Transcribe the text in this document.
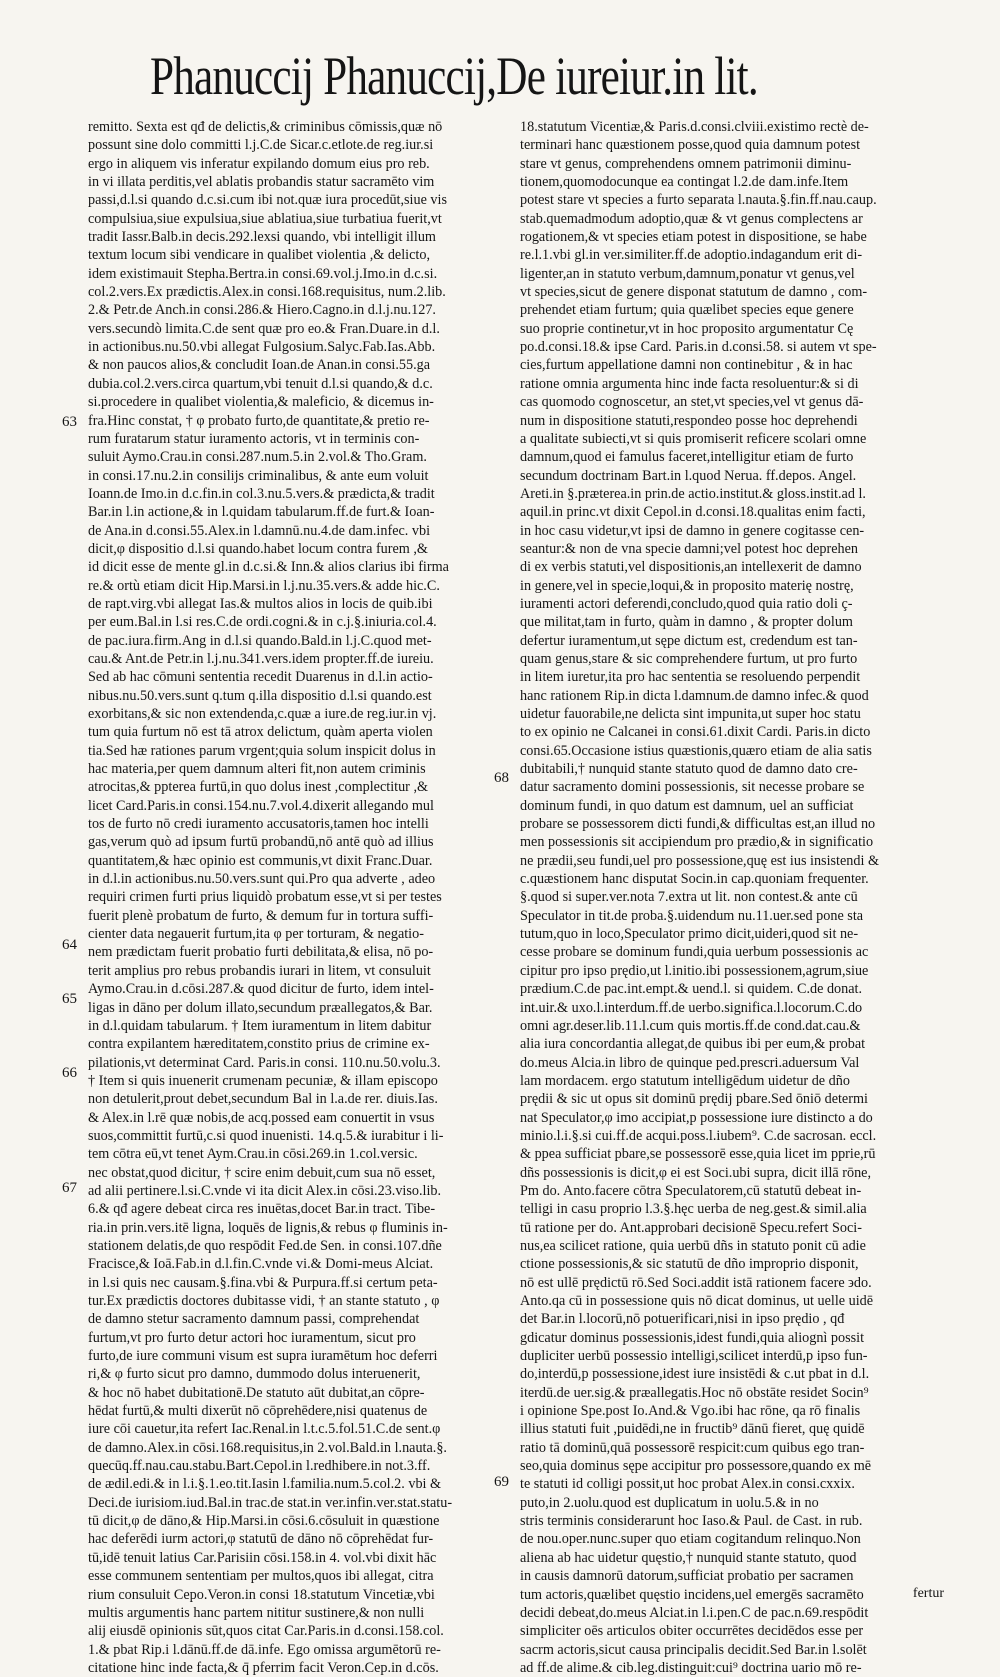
Phanuccij Phanuccij,De iureiur.in lit.
remitto. Sexta est qđ de delictis,& criminibus cōmissis,quæ nō
possunt sine dolo committi l.j.C.de Sicar.c.etlote.de reg.iur.si
ergo in aliquem vis inferatur expilando domum eius pro reb.
in vi illata perditis,vel ablatis probandis statur sacramēto vim
passi,d.l.si quando d.c.si.cum ibi not.quæ iura procedūt,siue vis
compulsiua,siue expulsiua,siue ablatiua,siue turbatiua fuerit,vt
tradit Iassr.Balb.in decis.292.lexsi quando, vbi intelligit illum
textum locum sibi vendicare in qualibet violentia ,& delicto,
idem existimauit Stepha.Bertra.in consi.69.vol.j.Imo.in d.c.si.
col.2.vers.Ex prædictis.Alex.in consi.168.requisitus, num.2.lib.
2.& Petr.de Anch.in consi.286.& Hiero.Cagno.in d.l.j.nu.127.
vers.secundò limita.C.de sent quæ pro eo.& Fran.Duare.in d.l.
in actionibus.nu.50.vbi allegat Fulgosium.Salyc.Fab.Ias.Abb.
& non paucos alios,& concludit Ioan.de Anan.in consi.55.ga
dubia.col.2.vers.circa quartum,vbi tenuit d.l.si quando,& d.c.
si.procedere in qualibet violentia,& maleficio, & dicemus in-
fra.Hinc constat, † φ probato furto,de quantitate,& pretio re-
rum furatarum statur iuramento actoris, vt in terminis con-
suluit Aymo.Crau.in consi.287.num.5.in 2.vol.& Tho.Gram.
in consi.17.nu.2.in consilijs criminalibus, & ante eum voluit
Ioann.de Imo.in d.c.fin.in col.3.nu.5.vers.& prædicta,& tradit
Bar.in l.in actione,& in l.quidam tabularum.ff.de furt.& Ioan-
de Ana.in d.consi.55.Alex.in l.damnū.nu.4.de dam.infec. vbi
dicit,φ dispositio d.l.si quando.habet locum contra furem ,&
id dicit esse de mente gl.in d.c.si.& Inn.& alios clarius ibi firma
re.& ortù etiam dicit Hip.Marsi.in l.j.nu.35.vers.& adde hic.C.
de rapt.virg.vbi allegat Ias.& multos alios in locis de quib.ibi
per eum.Bal.in l.si res.C.de ordi.cogni.& in c.j.§.iniuria.col.4.
de pac.iura.firm.Ang in d.l.si quando.Bald.in l.j.C.quod met-
cau.& Ant.de Petr.in l.j.nu.341.vers.idem propter.ff.de iureiu.
Sed ab hac cōmuni sententia recedit Duarenus in d.l.in actio-
nibus.nu.50.vers.sunt q.tum q.illa dispositio d.l.si quando.est
exorbitans,& sic non extendenda,c.quæ a iure.de reg.iur.in vj.
tum quia furtum nō est tā atrox delictum, quàm aperta violen
tia.Sed hæ rationes parum vrgent;quia solum inspicit dolus in
hac materia,per quem damnum alteri fit,non autem criminis
atrocitas,& ppterea furtū,in quo dolus inest ,complectitur ,&
licet Card.Paris.in consi.154.nu.7.vol.4.dixerit allegando mul
tos de furto nō credi iuramento accusatoris,tamen hoc intelli
gas,verum quò ad ipsum furtū probandū,nō antē quò ad illius
quantitatem,& hæc opinio est communis,vt dixit Franc.Duar.
in d.l.in actionibus.nu.50.vers.sunt qui.Pro qua adverte , adeo
requiri crimen furti prius liquidò probatum esse,vt si per testes
fuerit plenè probatum de furto, & demum fur in tortura suffi-
cienter data negauerit furtum,ita φ per torturam, & negatio-
nem prædictam fuerit probatio furti debilitata,& elisa, nō po-
terit amplius pro rebus probandis iurari in litem, vt consuluit
Aymo.Crau.in d.cōsi.287.& quod dicitur de furto, idem intel-
ligas in dāno per dolum illato,secundum præallegatos,& Bar.
in d.l.quidam tabularum. † Item iuramentum in litem dabitur
contra expilantem hæreditatem,constito prius de crimine ex-
pilationis,vt determinat Card. Paris.in consi. 110.nu.50.volu.3.
† Item si quis inuenerit crumenam pecuniæ, & illam episcopo
non detulerit,prout debet,secundum Bal in l.a.de rer. diuis.Ias.
& Alex.in l.rē quæ nobis,de acq.possed eam conuertit in vsus
suos,committit furtū,c.si quod inuenisti. 14.q.5.& iurabitur i li-
tem cōtra eū,vt tenet Aym.Crau.in cōsi.269.in 1.col.versic.
nec obstat,quod dicitur, † scire enim debuit,cum sua nō esset,
ad alii pertinere.l.si.C.vnde vi ita dicit Alex.in cōsi.23.viso.lib.
6.& qđ agere debeat circa res inuētas,docet Bar.in tract. Tibe-
ria.in prin.vers.itē ligna, loquēs de lignis,& rebus φ fluminis in-
stationem delatis,de quo respōdit Fed.de Sen. in consi.107.dñe
Fracisce,& Ioā.Fab.in d.l.fin.C.vnde vi.& Domi-meus Alciat.
in l.si quis nec causam.§.fina.vbi & Purpura.ff.si certum peta-
tur.Ex prædictis doctores dubitasse vidi, † an stante statuto , φ
de damno stetur sacramento damnum passi, comprehendat
furtum,vt pro furto detur actori hoc iuramentum, sicut pro
furto,de iure communi visum est supra iuramētum hoc deferri
ri,& φ furto sicut pro damno, dummodo dolus interuenerit,
& hoc nō habet dubitationē.De statuto aūt dubitat,an cōpre-
hēdat furtū,& multi dixerūt nō cōprehēdere,nisi quatenus de
iure cōi cauetur,ita refert Iac.Renal.in l.t.c.5.fol.51.C.de sent.φ
de damno.Alex.in cōsi.168.requisitus,in 2.vol.Bald.in l.nauta.§.
quecūq.ff.nau.cau.stabu.Bart.Cepol.in l.redhibere.in not.3.ff.
de ædil.edi.& in l.i.§.1.eo.tit.Iasin l.familia.num.5.col.2. vbi &
Deci.de iurisiom.iud.Bal.in trac.de stat.in ver.infin.ver.stat.statu-
tū dicit,φ de dāno,& Hip.Marsi.in cōsi.6.cōsuluit in quæstione
hac deferēdi iurm actori,φ statutū de dāno nō cōprehēdat fur-
tū,idē tenuit latius Car.Parisiin cōsi.158.in 4. vol.vbi dixit hāc
esse communem sententiam per multos,quos ibi allegat, citra
rium consuluit Cepo.Veron.in consi 18.statutum Vincetiæ,vbi
multis argumentis hanc partem nititur sustinere,& non nulli
alij eiusdē opinionis sūt,quos citat Car.Paris.in d.consi.158.col.
1.& pbat Rip.i l.dānū.ff.de dā.infe. Ego omissa argumētorū re-
citatione hinc inde facta,& q̄ pferrim facit Veron.Cep.in d.cōs.
18.statutum Vicentiæ,& Paris.d.consi.clviii.existimo rectè de-
terminari hanc quæstionem posse,quod quia damnum potest
stare vt genus, comprehendens omnem patrimonii diminu-
tionem,quomodocunque ea contingat l.2.de dam.infe.Item
potest stare vt species a furto separata l.nauta.§.fin.ff.nau.caup.
stab.quemadmodum adoptio,quæ & vt genus complectens ar
rogationem,& vt species etiam potest in dispositione, se habe
re.l.1.vbi gl.in ver.similiter.ff.de adoptio.indagandum erit di-
ligenter,an in statuto verbum,damnum,ponatur vt genus,vel
vt species,sicut de genere disponat statutum de damno , com-
prehendet etiam furtum; quia quælibet species eque genere
suo proprie continetur,vt in hoc proposito argumentatur Cę
po.d.consi.18.& ipse Card. Paris.in d.consi.58. si autem vt spe-
cies,furtum appellatione damni non continebitur , & in hac
ratione omnia argumenta hinc inde facta resoluentur:& si di
cas quomodo cognoscetur, an stet,vt species,vel vt genus dā-
num in dispositione statuti,respondeo posse hoc deprehendi
a qualitate subiecti,vt si quis promiserit reficere scolari omne
damnum,quod ei famulus faceret,intelligitur etiam de furto
secundum doctrinam Bart.in l.quod Nerua. ff.depos. Angel.
Areti.in §.præterea.in prin.de actio.institut.& gloss.instit.ad l.
aquil.in princ.vt dixit Cepol.in d.consi.18.qualitas enim facti,
in hoc casu videtur,vt ipsi de damno in genere cogitasse cen-
seantur:& non de vna specie damni;vel potest hoc deprehen
di ex verbis statuti,vel dispositionis,an intellexerit de damno
in genere,vel in specie,loqui,& in proposito materię nostrę,
iuramenti actori deferendi,concludo,quod quia ratio doli ç-
que militat,tam in furto, quàm in damno , & propter dolum
defertur iuramentum,ut sępe dictum est, credendum est tan-
quam genus,stare & sic comprehendere furtum, ut pro furto
in litem iuretur,ita pro hac sententia se resoluendo perpendit
hanc rationem Rip.in dicta l.damnum.de damno infec.& quod
uidetur fauorabile,ne delicta sint impunita,ut super hoc statu
to ex opinio ne Calcanei in consi.61.dixit Cardi. Paris.in dicto
consi.65.Occasione istius quæstionis,quæro etiam de alia satis
dubitabili,† nunquid stante statuto quod de damno dato cre-
datur sacramento domini possessionis, sit necesse probare se
dominum fundi, in quo datum est damnum, uel an sufficiat
probare se possessorem dicti fundi,& difficultas est,an illud no
men possessionis sit accipiendum pro prædio,& in significatio
ne prædii,seu fundi,uel pro possessione,quę est ius insistendi &
c.quæstionem hanc disputat Socin.in cap.quoniam frequenter.
§.quod si super.ver.nota 7.extra ut lit. non contest.& ante cū
Speculator in tit.de proba.§.uidendum nu.11.uer.sed pone sta
tutum,quo in loco,Speculator primo dicit,uideri,quod sit ne-
cesse probare se dominum fundi,quia uerbum possessionis ac
cipitur pro ipso prędio,ut l.initio.ibi possessionem,agrum,siue
prædium.C.de pac.int.empt.& uend.l. si quidem. C.de donat.
int.uir.& uxo.l.interdum.ff.de uerbo.significa.l.locorum.C.do
omni agr.deser.lib.11.l.cum quis mortis.ff.de cond.dat.cau.&
alia iura concordantia allegat,de quibus ibi per eum,& probat
do.meus Alcia.in libro de quinque ped.prescri.aduersum Val
lam mordacem. ergo statutum intelligēdum uidetur de dño
prędii & sic ut opus sit dominū prędij pbare.Sed ōniō determi
nat Speculator,φ imo accipiat,p possessione iure distincto a do
minio.l.i.§.si cui.ff.de acqui.poss.l.iubem⁹. C.de sacrosan. eccl.
& ppea sufficiat pbare,se possessorē esse,quia licet im pprie,rū
dñs possessionis is dicit,φ ei est Soci.ubi supra, dicit illā rōne,
Pm do. Anto.facere cōtra Speculatorem,cū statutū debeat in-
telligi in casu proprio l.3.§.hęc uerba de neg.gest.& simil.alia
tū ratione per do. Ant.approbari decisionē Specu.refert Soci-
nus,ea scilicet ratione, quia uerbū dñs in statuto ponit cū adie
ctione possessionis,& sic statutū de dño improprio disponit,
nō est ullē prędictū rō.Sed Soci.addit istā rationem facere ϶do.
Anto.qa cū in possessione quis nō dicat dominus, ut uelle uidē
det Bar.in l.locorū,nō potuerificari,nisi in ipso prędio , qđ
gdicatur dominus possessionis,idest fundi,quia aliognì possit
dupliciter uerbū possessio intelligi,scilicet interdū,p ipso fun-
do,interdū,p possessione,idest iure insistēdi & c.ut pbat in d.l.
iterdū.de uer.sig.& præallegatis.Hoc nō obstāte residet Socin⁹
i opinione Spe.post Io.And.& Vgo.ibi hac rōne, qa rō finalis
illius statuti fuit ,puidēdi,ne in fructib⁹ dānū fieret, quę quidē
ratio tā dominū,quā possessorē respicit:cum quibus ego tran-
seo,quia dominus sępe accipitur pro possessore,quando ex mē
te statuti id colligi possit,ut hoc probat Alex.in consi.cxxix.
puto,in 2.uolu.quod est duplicatum in uolu.5.& in no
stris terminis considerarunt hoc Iaso.& Paul. de Cast. in rub.
de nou.oper.nunc.super quo etiam cogitandum relinquo.Non
aliena ab hac uidetur quęstio,† nunquid stante statuto, quod
in causis damnorū datorum,sufficiat probatio per sacramen
tum actoris,quælibet quęstio incidens,uel emergēs sacramēto
decidi debeat,do.meus Alciat.in l.i.pen.C de pac.n.69.respōdit
simpliciter oēs articulos obiter occurrētes decidēdos esse per
sacrm actoris,sicut causa principalis decidit.Sed Bar.in l.solēt
ad ff.de alime.& cib.leg.distinguit:cui⁹ doctrina uario mō re-
63
64
65
66
67
68
69
fertur
